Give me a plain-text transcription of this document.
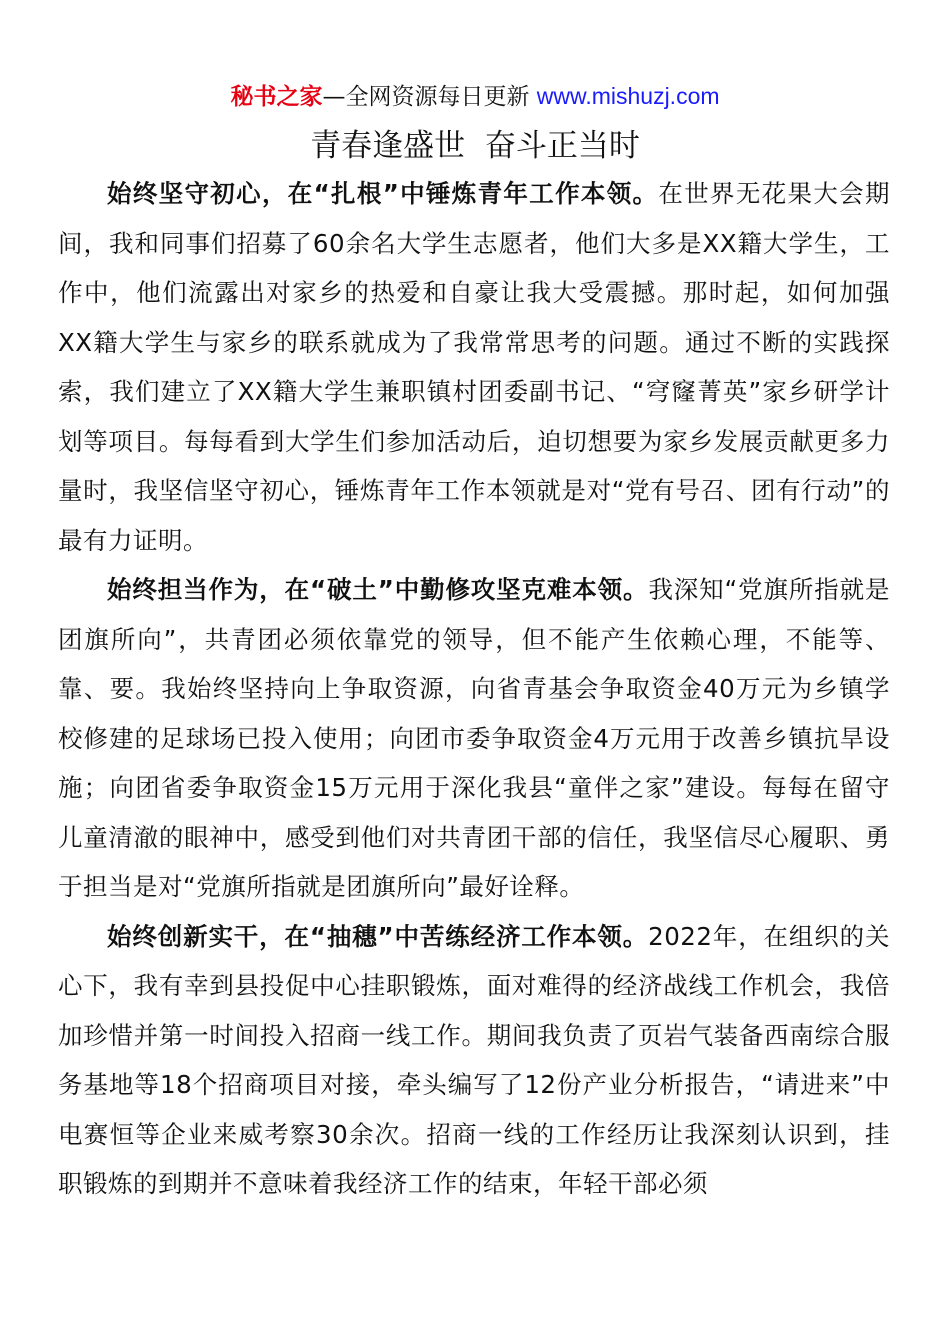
秘书之家—全网资源每日更新 www.mishuzj.com
青春逢盛世  奋斗正当时

始终坚守初心，在“扎根”中锤炼青年工作本领。在世界无花果大会期间，我和同事们招募了60余名大学生志愿者，他们大多是XX籍大学生，工作中，他们流露出对家乡的热爱和自豪让我大受震撼。那时起，如何加强XX籍大学生与家乡的联系就成为了我常常思考的问题。通过不断的实践探索，我们建立了XX籍大学生兼职镇村团委副书记、“穹窿菁英”家乡研学计划等项目。每每看到大学生们参加活动后，迫切想要为家乡发展贡献更多力量时，我坚信坚守初心，锤炼青年工作本领就是对“党有号召、团有行动”的最有力证明。

始终担当作为，在“破土”中勤修攻坚克难本领。我深知“党旗所指就是团旗所向”，共青团必须依靠党的领导，但不能产生依赖心理，不能等、靠、要。我始终坚持向上争取资源，向省青基会争取资金40万元为乡镇学校修建的足球场已投入使用；向团市委争取资金4万元用于改善乡镇抗旱设施；向团省委争取资金15万元用于深化我县“童伴之家”建设。每每在留守儿童清澈的眼神中，感受到他们对共青团干部的信任，我坚信尽心履职、勇于担当是对“党旗所指就是团旗所向”最好诠释。

始终创新实干，在“抽穗”中苦练经济工作本领。2022年，在组织的关心下，我有幸到县投促中心挂职锻炼，面对难得的经济战线工作机会，我倍加珍惜并第一时间投入招商一线工作。期间我负责了页岩气装备西南综合服务基地等18个招商项目对接，牵头编写了12份产业分析报告，“请进来”中电赛恒等企业来威考察30余次。招商一线的工作经历让我深刻认识到，挂职锻炼的到期并不意味着我经济工作的结束，年轻干部必须
